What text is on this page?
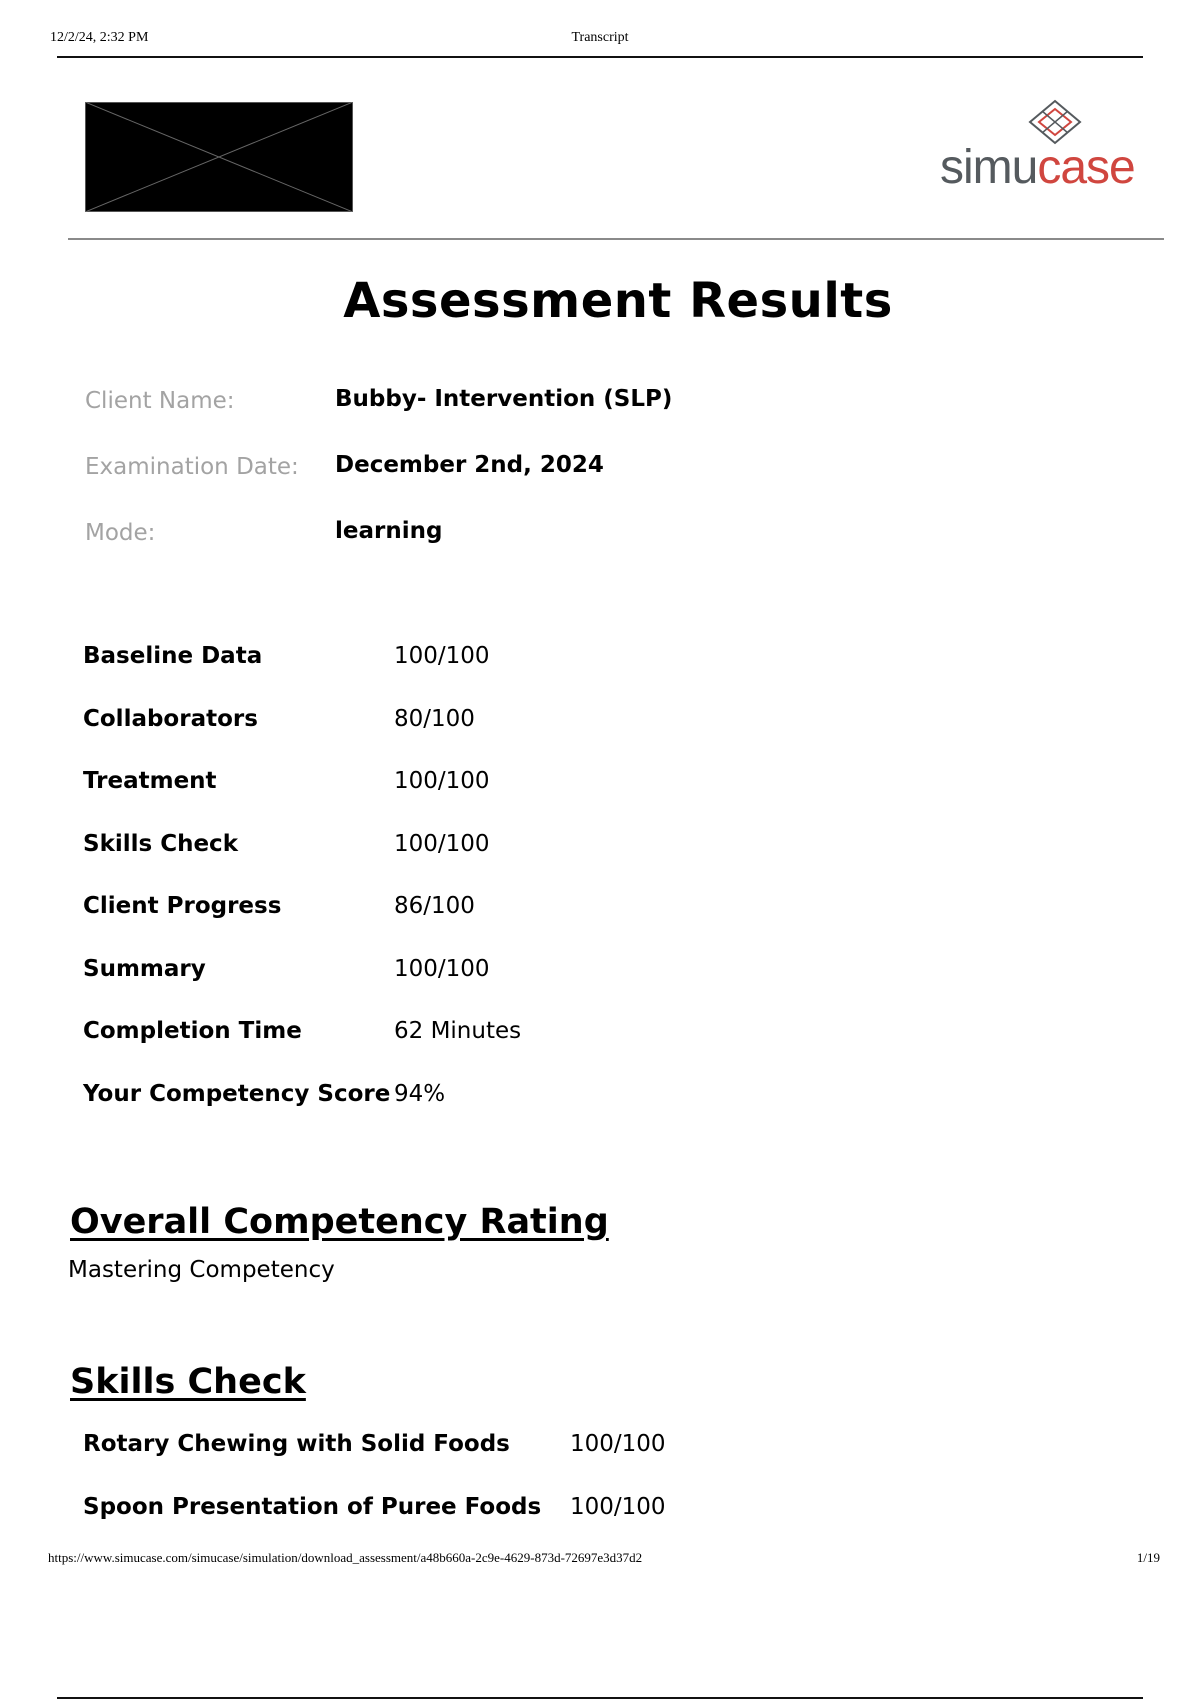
12/2/24, 2:32 PM	Transcript
simucase
Assessment Results
Client Name:	Bubby- Intervention (SLP)
Examination Date: December 2nd, 2024
Mode:	learning
Baseline Data	100/100
Collaborators	80/100
Treatment	100/100
Skills Check	100/100
Client Progress	86/100
Summary	100/100
Completion Time	62 Minutes
Your Competency Score 94%
Overall Competency Rating
Mastering Competency
Skills Check
Rotary Chewing with Solid Foods	100/100
Spoon Presentation of Puree Foods 100/100
https://www.simucase.com/simucase/simulation/download_assessment/a48b660a-2c9e-4629-873d-72697e3d37d2	1/19
